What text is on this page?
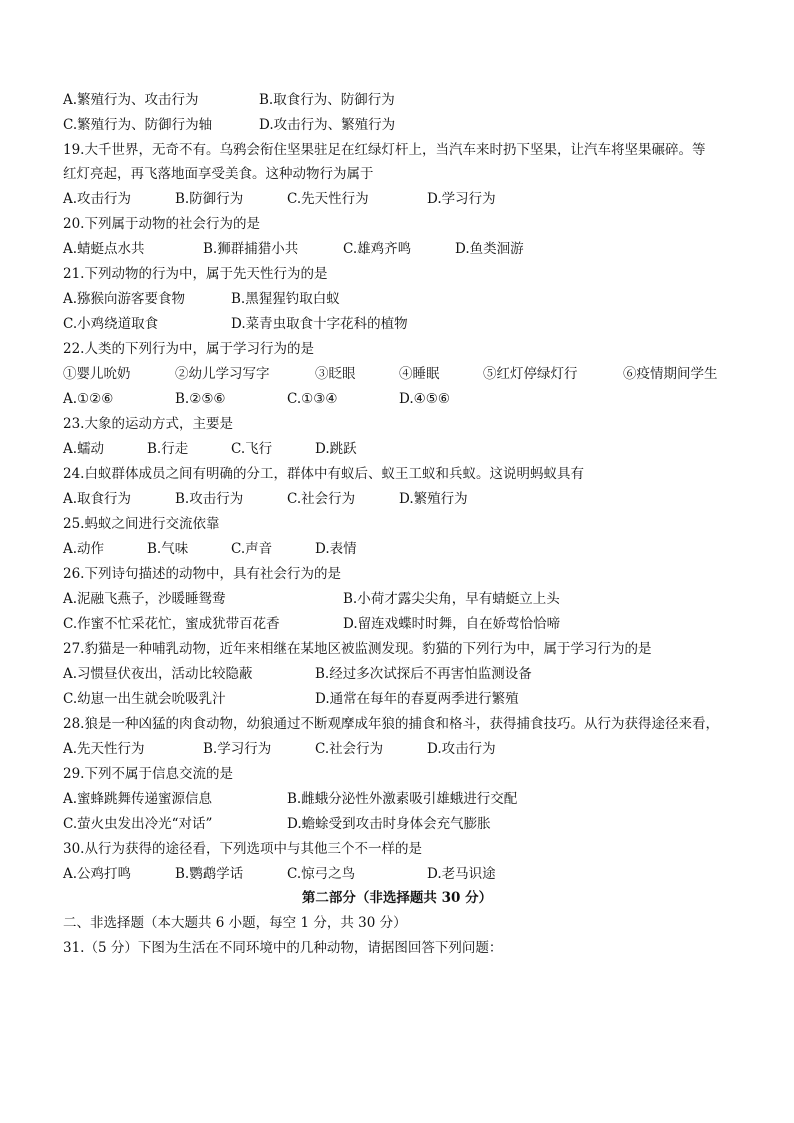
A.繁殖行为、攻击行为	B.取食行为、防御行为
C.繁殖行为、防御行为轴	D.攻击行为、繁殖行为
19.大千世界，无奇不有。乌鸦会衔住坚果驻足在红绿灯杆上，当汽车来时扔下坚果，让汽车将坚果碾碎。等
红灯亮起，再飞落地面享受美食。这种动物行为属于
A.攻击行为	B.防御行为	C.先天性行为	D.学习行为
20.下列属于动物的社会行为的是
A.蜻蜓点水共	B.狮群捕猎小共	C.雄鸡齐鸣	D.鱼类洄游
21.下列动物的行为中，属于先天性行为的是
A.猕猴向游客要食物	B.黑猩猩钓取白蚁
C.小鸡绕道取食	D.菜青虫取食十字花科的植物
22.人类的下列行为中，属于学习行为的是
①婴儿吮奶	②幼儿学习写字	③眨眼	④睡眠	⑤红灯停绿灯行	⑥疫情期间学生
A.①②⑥	B.②⑤⑥	C.①③④	D.④⑤⑥
23.大象的运动方式，主要是
A.蠕动	B.行走	C.飞行	D.跳跃
24.白蚁群体成员之间有明确的分工，群体中有蚁后、蚁王工蚁和兵蚁。这说明蚂蚁具有
A.取食行为	B.攻击行为	C.社会行为	D.繁殖行为
25.蚂蚁之间进行交流依靠
A.动作	B.气味	C.声音	D.表情
26.下列诗句描述的动物中，具有社会行为的是
A.泥融飞燕子，沙暖睡鸳鸯	B.小荷才露尖尖角，早有蜻蜓立上头
C.作蜜不忙采花忙，蜜成犹带百花香	D.留连戏蝶时时舞，自在娇莺恰恰啼
27.豹猫是一种哺乳动物，近年来相继在某地区被监测发现。豹猫的下列行为中，属于学习行为的是
A.习惯昼伏夜出，活动比较隐蔽	B.经过多次试探后不再害怕监测设备
C.幼崽一出生就会吮吸乳汁	D.通常在每年的春夏两季进行繁殖
28.狼是一种凶猛的肉食动物，幼狼通过不断观摩成年狼的捕食和格斗，获得捕食技巧。从行为获得途径来看，
A.先天性行为	B.学习行为	C.社会行为	D.攻击行为
29.下列不属于信息交流的是
A.蜜蜂跳舞传递蜜源信息	B.雌蛾分泌性外激素吸引雄蛾进行交配
C.萤火虫发出冷光“对话”	D.蟾蜍受到攻击时身体会充气膨胀
30.从行为获得的途径看，下列选项中与其他三个不一样的是
A.公鸡打鸣	B.鹦鹉学话	C.惊弓之鸟	D.老马识途
第二部分（非选择题共 30 分）
二、非选择题（本大题共 6 小题，每空 1 分，共 30 分）
31.（5 分）下图为生活在不同环境中的几种动物，请据图回答下列问题：
